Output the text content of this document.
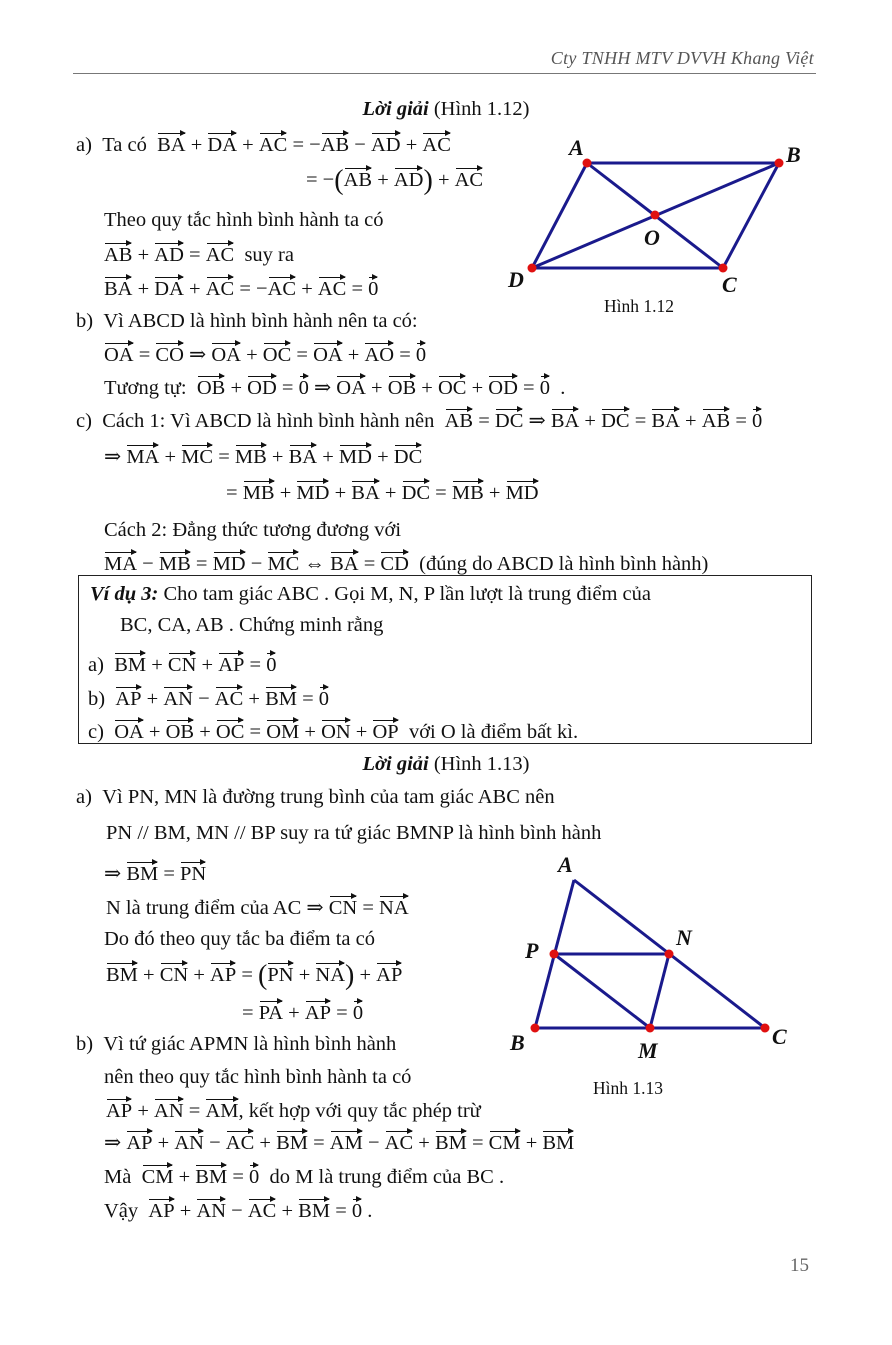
Cty TNHH MTV DVVH Khang Việt
Lời giải (Hình 1.12)
a) Ta có BA + DA + AC = −AB − AD + AC
= −(AB + AD) + AC
Theo quy tắc hình bình hành ta có
AB + AD = AC suy ra
BA + DA + AC = −AC + AC = 0
b) Vì ABCD là hình bình hành nên ta có:
OA = CO ⇒ OA + OC = OA + AO = 0
Tương tự: OB + OD = 0 ⇒ OA + OB + OC + OD = 0  .
c) Cách 1: Vì ABCD là hình bình hành nên AB = DC ⇒ BA + DC = BA + AB = 0
⇒ MA + MC = MB + BA + MD + DC
= MB + MD + BA + DC = MB + MD
Cách 2: Đẳng thức tương đương với
MA − MB = MD − MC ⇔ BA = CD (đúng do ABCD là hình bình hành)
A	B
C
D
O
Hình 1.12
Ví dụ 3: Cho tam giác ABC . Gọi M, N, P lần lượt là trung điểm của
BC, CA, AB . Chứng minh rằng
a) BM + CN + AP = 0
b) AP + AN − AC + BM = 0
c) OA + OB + OC = OM + ON + OP với O là điểm bất kì.
Lời giải (Hình 1.13)
a) Vì PN, MN là đường trung bình của tam giác ABC nên
PN // BM, MN // BP suy ra tứ giác BMNP là hình bình hành
⇒ BM = PN
N là trung điểm của AC ⇒ CN = NA
Do đó theo quy tắc ba điểm ta có
BM + CN + AP = (PN + NA) + AP
= PA + AP = 0
b) Vì tứ giác APMN là hình bình hành
nên theo quy tắc hình bình hành ta có
AP + AN = AM, kết hợp với quy tắc phép trừ
⇒ AP + AN − AC + BM = AM − AC + BM = CM + BM
Mà CM + BM = 0 do M là trung điểm của BC .
Vậy AP + AN − AC + BM = 0 .
A
B	C
M
N
P
Hình 1.13
15
